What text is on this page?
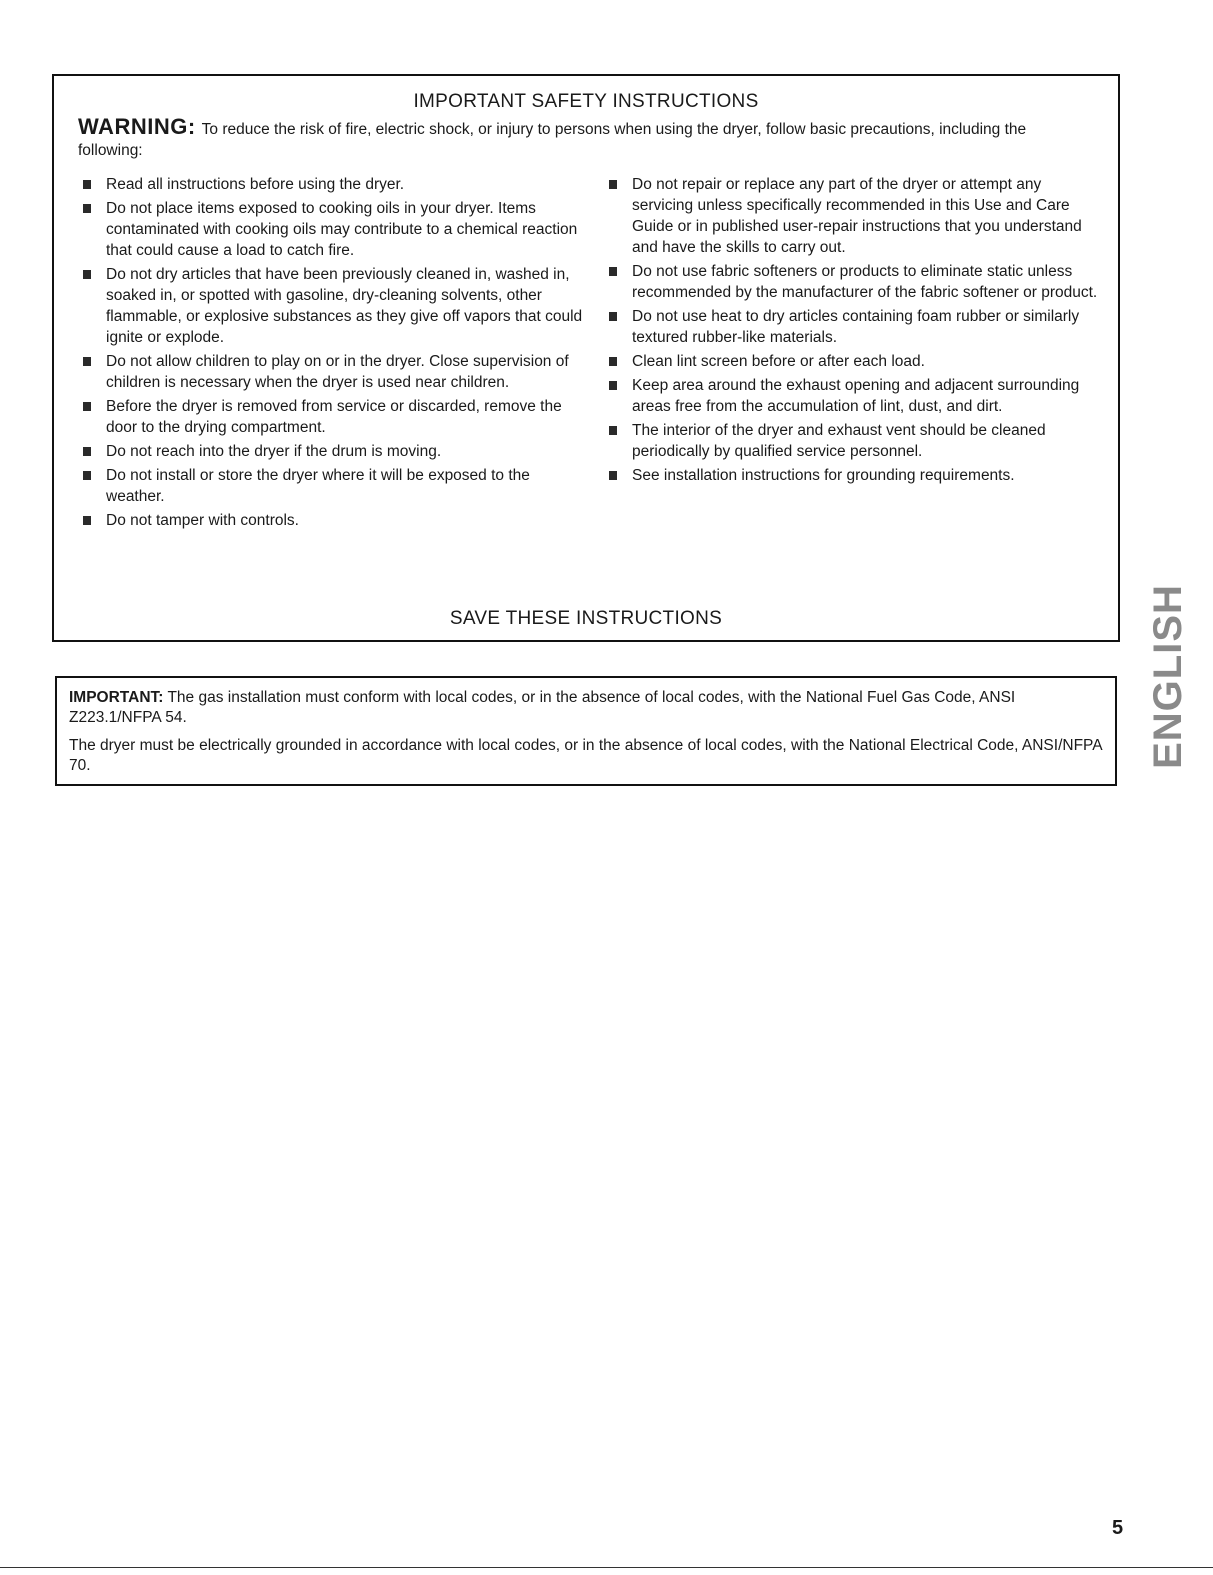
IMPORTANT SAFETY INSTRUCTIONS
WARNING: To reduce the risk of fire, electric shock, or injury to persons when using the dryer, follow basic precautions, including the following:
Read all instructions before using the dryer.
Do not place items exposed to cooking oils in your dryer. Items contaminated with cooking oils may contribute to a chemical reaction that could cause a load to catch fire.
Do not dry articles that have been previously cleaned in, washed in, soaked in, or spotted with gasoline, dry-cleaning solvents, other flammable, or explosive substances as they give off vapors that could ignite or explode.
Do not allow children to play on or in the dryer. Close supervision of children is necessary when the dryer is used near children.
Before the dryer is removed from service or discarded, remove the door to the drying compartment.
Do not reach into the dryer if the drum is moving.
Do not install or store the dryer where it will be exposed to the weather.
Do not tamper with controls.
Do not repair or replace any part of the dryer or attempt any servicing unless specifically recommended in this Use and Care Guide or in published user-repair instructions that you understand and have the skills to carry out.
Do not use fabric softeners or products to eliminate static unless recommended by the manufacturer of the fabric softener or product.
Do not use heat to dry articles containing foam rubber or similarly textured rubber-like materials.
Clean lint screen before or after each load.
Keep area around the exhaust opening and adjacent surrounding areas free from the accumulation of lint, dust, and dirt.
The interior of the dryer and exhaust vent should be cleaned periodically by qualified service personnel.
See installation instructions for grounding requirements.
SAVE THESE INSTRUCTIONS

IMPORTANT: The gas installation must conform with local codes, or in the absence of local codes, with the National Fuel Gas Code, ANSI Z223.1/NFPA 54.

The dryer must be electrically grounded in accordance with local codes, or in the absence of local codes, with the National Electrical Code, ANSI/NFPA 70.	ENGLISH
5
